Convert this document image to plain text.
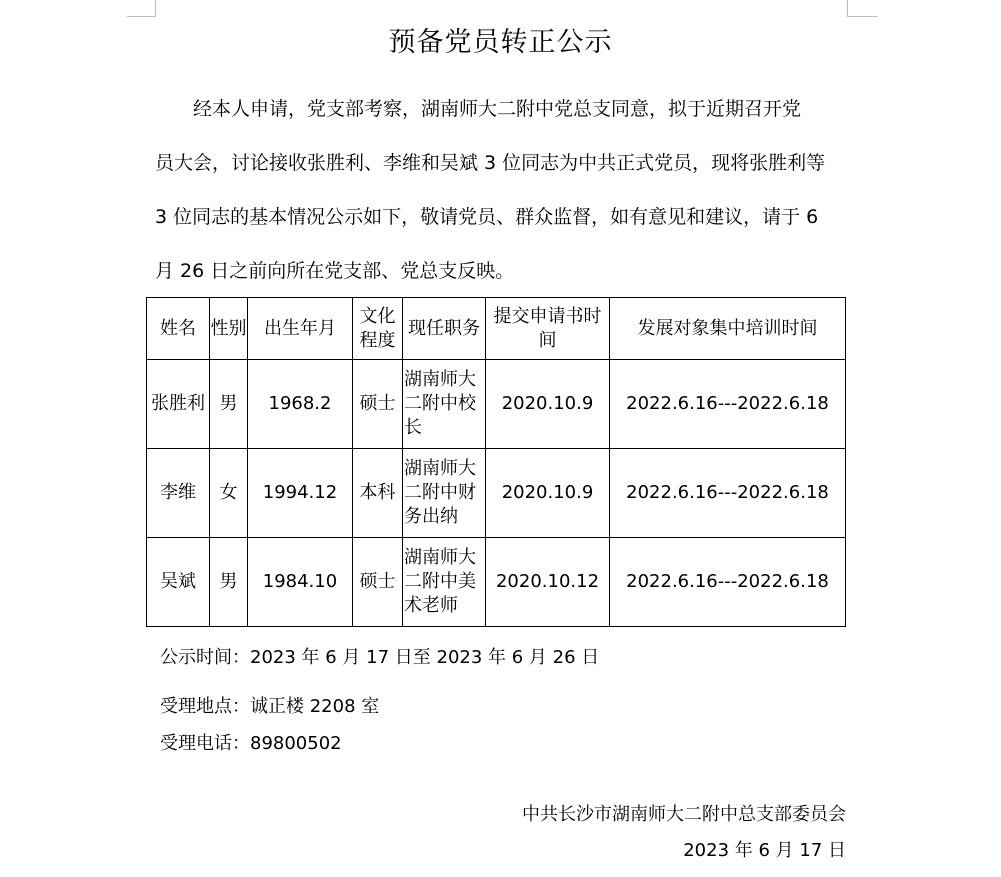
预备党员转正公示
　　经本人申请，党支部考察，湖南师大二附中党总支同意，拟于近期召开党
员大会，讨论接收张胜利、李维和吴斌 3 位同志为中共正式党员，现将张胜利等
3 位同志的基本情况公示如下，敬请党员、群众监督，如有意见和建议，请于 6
月 26 日之前向所在党支部、党总支反映。
姓名	性别	出生年月	文化程度	现任职务	提交申请书时间	发展对象集中培训时间
张胜利	男	1968.2	硕士	湖南师大二附中校长	2020.10.9	2022.6.16---2022.6.18
李维	女	1994.12	本科	湖南师大二附中财务出纳	2020.10.9	2022.6.16---2022.6.18
吴斌	男	1984.10	硕士	湖南师大二附中美术老师	2020.10.12	2022.6.16---2022.6.18
公示时间：2023 年 6 月 17 日至 2023 年 6 月 26 日
受理地点：诚正楼 2208 室
受理电话：89800502
中共长沙市湖南师大二附中总支部委员会
2023 年 6 月 17 日
